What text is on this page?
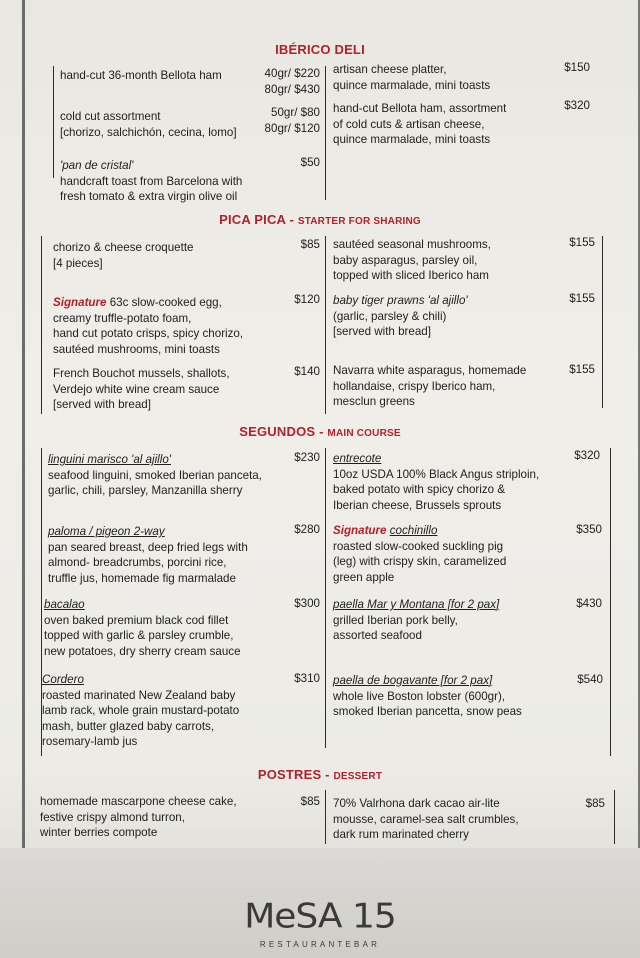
IBÉRICO DELI
hand-cut 36-month Bellota ham	40gr/ $220
80gr/ $430
cold cut assortment
[chorizo, salchichón, cecina, lomo]
50gr/ $80
80gr/ $120
'pan de cristal'
handcraft toast from Barcelona with
fresh tomato & extra virgin olive oil
$50
artisan cheese platter,
quince marmalade, mini toasts
$150
hand-cut Bellota ham, assortment
of cold cuts & artisan cheese,
quince marmalade, mini toasts
$320
PICA PICA - STARTER FOR SHARING
chorizo & cheese croquette
[4 pieces]
$85
Signature 63c slow-cooked egg,
creamy truffle-potato foam,
hand cut potato crisps, spicy chorizo,
sautéed mushrooms, mini toasts
$120
French Bouchot mussels, shallots,
Verdejo white wine cream sauce
[served with bread]
$140
sautéed seasonal mushrooms,
baby asparagus, parsley oil,
topped with sliced Iberico ham
$155
baby tiger prawns 'al ajillo'
(garlic, parsley & chili)
[served with bread]
$155
Navarra white asparagus, homemade
hollandaise, crispy Iberico ham,
mesclun greens
$155
SEGUNDOS - MAIN COURSE
linguini marisco 'al ajillo'
seafood linguini, smoked Iberian panceta,
garlic, chili, parsley, Manzanilla sherry
$230
paloma / pigeon 2-way
pan seared breast, deep fried legs with
almond- breadcrumbs, porcini rice,
truffle jus, homemade fig marmalade
$280
bacalao
oven baked premium black cod fillet
topped with garlic & parsley crumble,
new potatoes, dry sherry cream sauce
$300
Cordero
roasted marinated New Zealand baby
lamb rack, whole grain mustard-potato
mash, butter glazed baby carrots,
rosemary-lamb jus
$310
entrecote
10oz USDA 100% Black Angus striploin,
baked potato with spicy chorizo &
Iberian cheese, Brussels sprouts
$320
Signature cochinillo
roasted slow-cooked suckling pig
(leg) with crispy skin, caramelized
green apple
$350
paella Mar y Montana [for 2 pax]
grilled Iberian pork belly,
assorted seafood
$430
paella de bogavante [for 2 pax]
whole live Boston lobster (600gr),
smoked Iberian pancetta, snow peas
$540
POSTRES - DESSERT
homemade mascarpone cheese cake,
festive crispy almond turron,
winter berries compote
$85 70% Valrhona dark cacao air-lite
mousse, caramel-sea salt crumbles,
dark rum marinated cherry
$85
MeSA 15
RESTAURANTEBAR
